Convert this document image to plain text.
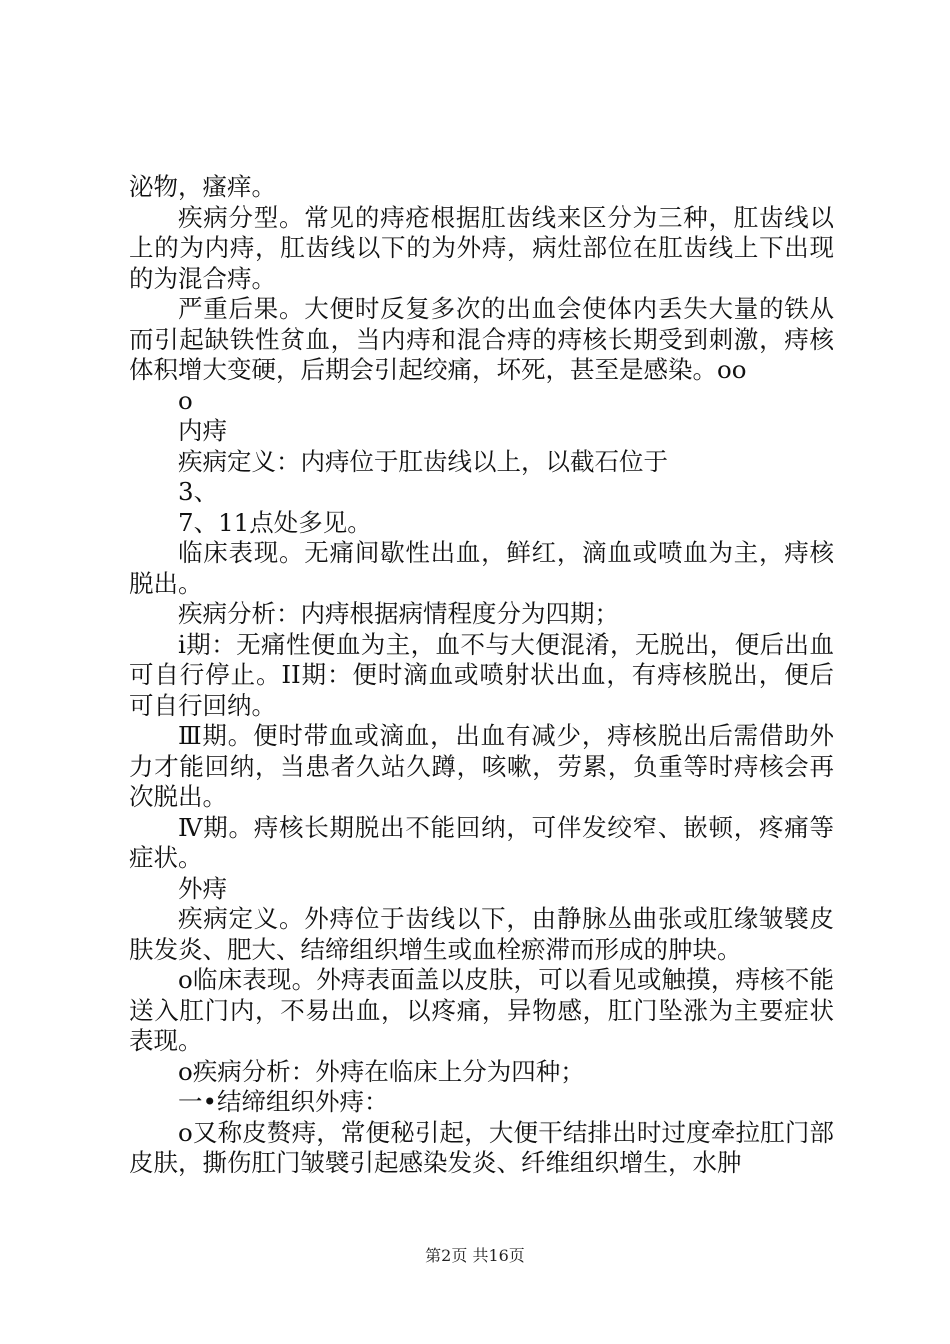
泌物，瘙痒。

疾病分型。常见的痔疮根据肛齿线来区分为三种，肛齿线以上的为内痔，肛齿线以下的为外痔，病灶部位在肛齿线上下出现的为混合痔。

严重后果。大便时反复多次的出血会使体内丢失大量的铁从而引起缺铁性贫血，当内痔和混合痔的痔核长期受到刺激，痔核体积增大变硬，后期会引起绞痛，坏死，甚至是感染。oo

o

内痔

疾病定义：内痔位于肛齿线以上，以截石位于

3、

7、11点处多见。

临床表现。无痛间歇性出血，鲜红，滴血或喷血为主，痔核脱出。

疾病分析：内痔根据病情程度分为四期；

i期：无痛性便血为主，血不与大便混淆，无脱出，便后出血可自行停止。II期：便时滴血或喷射状出血，有痔核脱出，便后可自行回纳。

Ⅲ期。便时带血或滴血，出血有减少，痔核脱出后需借助外力才能回纳，当患者久站久蹲，咳嗽，劳累，负重等时痔核会再次脱出。

Ⅳ期。痔核长期脱出不能回纳，可伴发绞窄、嵌顿，疼痛等症状。

外痔

疾病定义。外痔位于齿线以下，由静脉丛曲张或肛缘皱襞皮肤发炎、肥大、结缔组织增生或血栓瘀滞而形成的肿块。

o临床表现。外痔表面盖以皮肤，可以看见或触摸，痔核不能送入肛门内，不易出血，以疼痛，异物感，肛门坠涨为主要症状表现。

o疾病分析：外痔在临床上分为四种；

一•结缔组织外痔：

o又称皮赘痔，常便秘引起，大便干结排出时过度牵拉肛门部皮肤，撕伤肛门皱襞引起感染发炎、纤维组织增生，水肿

第2页 共16页
